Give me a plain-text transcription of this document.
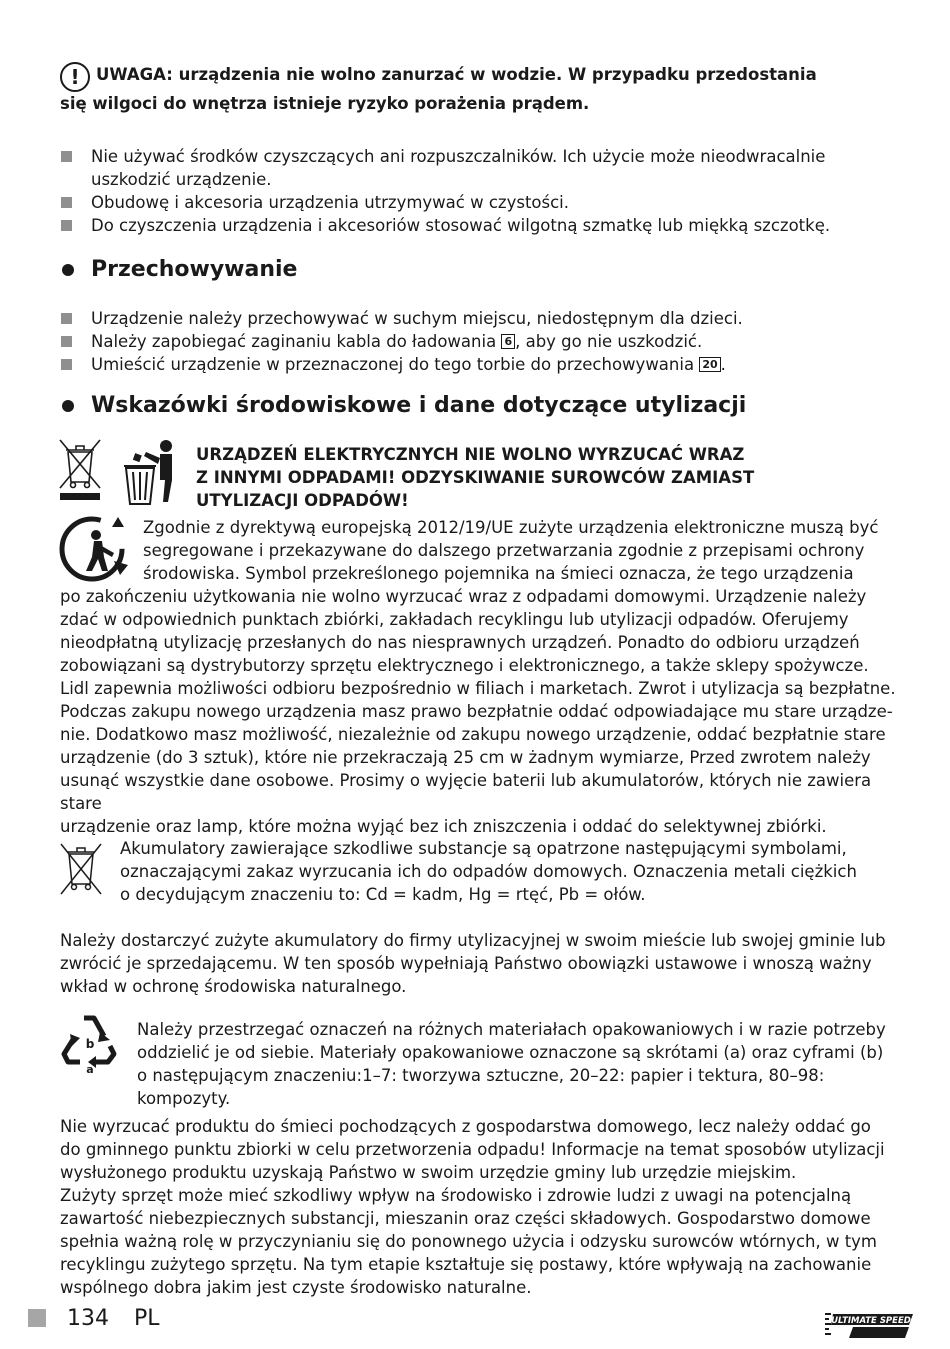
! UWAGA: urządzenia nie wolno zanurzać w wodzie. W przypadku przedostania
się wilgoci do wnętrza istnieje ryzyko porażenia prądem.
Nie używać środków czyszczących ani rozpuszczalników. Ich użycie może nieodwracalnie
uszkodzić urządzenie.
Obudowę i akcesoria urządzenia utrzymywać w czystości.
Do czyszczenia urządzenia i akcesoriów stosować wilgotną szmatkę lub miękką szczotkę.
Przechowywanie
Urządzenie należy przechowywać w suchym miejscu, niedostępnym dla dzieci.
Należy zapobiegać zaginaniu kabla do ładowania 6 , aby go nie uszkodzić.
Umieścić urządzenie w przeznaczonej do tego torbie do przechowywania 20 .
Wskazówki środowiskowe i dane dotyczące utylizacji
URZĄDZEŃ ELEKTRYCZNYCH NIE WOLNO WYRZUCAĆ WRAZ
Z INNYMI ODPADAMI! ODZYSKIWANIE SUROWCÓW ZAMIAST
UTYLIZACJI ODPADÓW!
Zgodnie z dyrektywą europejską 2012/19/UE zużyte urządzenia elektroniczne muszą być
segregowane i przekazywane do dalszego przetwarzania zgodnie z przepisami ochrony
środowiska. Symbol przekreślonego pojemnika na śmieci oznacza, że tego urządzenia
po zakończeniu użytkowania nie wolno wyrzucać wraz z odpadami domowymi. Urządzenie należy
zdać w odpowiednich punktach zbiórki, zakładach recyklingu lub utylizacji odpadów. Oferujemy
nieodpłatną utylizację przesłanych do nas niesprawnych urządzeń. Ponadto do odbioru urządzeń
zobowiązani są dystrybutorzy sprzętu elektrycznego i elektronicznego, a także sklepy spożywcze.
Lidl zapewnia możliwości odbioru bezpośrednio w filiach i marketach. Zwrot i utylizacja są bezpłatne.
Podczas zakupu nowego urządzenia masz prawo bezpłatnie oddać odpowiadające mu stare urządze-
nie. Dodatkowo masz możliwość, niezależnie od zakupu nowego urządzenie, oddać bezpłatnie stare
urządzenie (do 3 sztuk), które nie przekraczają 25 cm w żadnym wymiarze, Przed zwrotem należy
usunąć wszystkie dane osobowe. Prosimy o wyjęcie baterii lub akumulatorów, których nie zawiera stare
urządzenie oraz lamp, które można wyjąć bez ich zniszczenia i oddać do selektywnej zbiórki.
Akumulatory zawierające szkodliwe substancje są opatrzone następującymi symbolami,
oznaczającymi zakaz wyrzucania ich do odpadów domowych. Oznaczenia metali ciężkich
o decydującym znaczeniu to: Cd = kadm, Hg = rtęć, Pb = ołów.
Należy dostarczyć zużyte akumulatory do firmy utylizacyjnej w swoim mieście lub swojej gminie lub
zwrócić je sprzedającemu. W ten sposób wypełniają Państwo obowiązki ustawowe i wnoszą ważny
wkład w ochronę środowiska naturalnego.
b
a
Należy przestrzegać oznaczeń na różnych materiałach opakowaniowych i w razie potrzeby
oddzielić je od siebie. Materiały opakowaniowe oznaczone są skrótami (a) oraz cyframi (b)
o następującym znaczeniu:1–7: tworzywa sztuczne, 20–22: papier i tektura, 80–98:
kompozyty.
Nie wyrzucać produktu do śmieci pochodzących z gospodarstwa domowego, lecz należy oddać go
do gminnego punktu zbiorki w celu przetworzenia odpadu! Informacje na temat sposobów utylizacji
wysłużonego produktu uzyskają Państwo w swoim urzędzie gminy lub urzędzie miejskim.
Zużyty sprzęt może mieć szkodliwy wpływ na środowisko i zdrowie ludzi z uwagi na potencjalną
zawartość niebezpiecznych substancji, mieszanin oraz części składowych. Gospodarstwo domowe
spełnia ważną rolę w przyczynianiu się do ponownego użycia i odzysku surowców wtórnych, w tym
recyklingu zużytego sprzętu. Na tym etapie kształtuje się postawy, które wpływają na zachowanie
wspólnego dobra jakim jest czyste środowisko naturalne.
134 PL	ULTIMATE SPEED
